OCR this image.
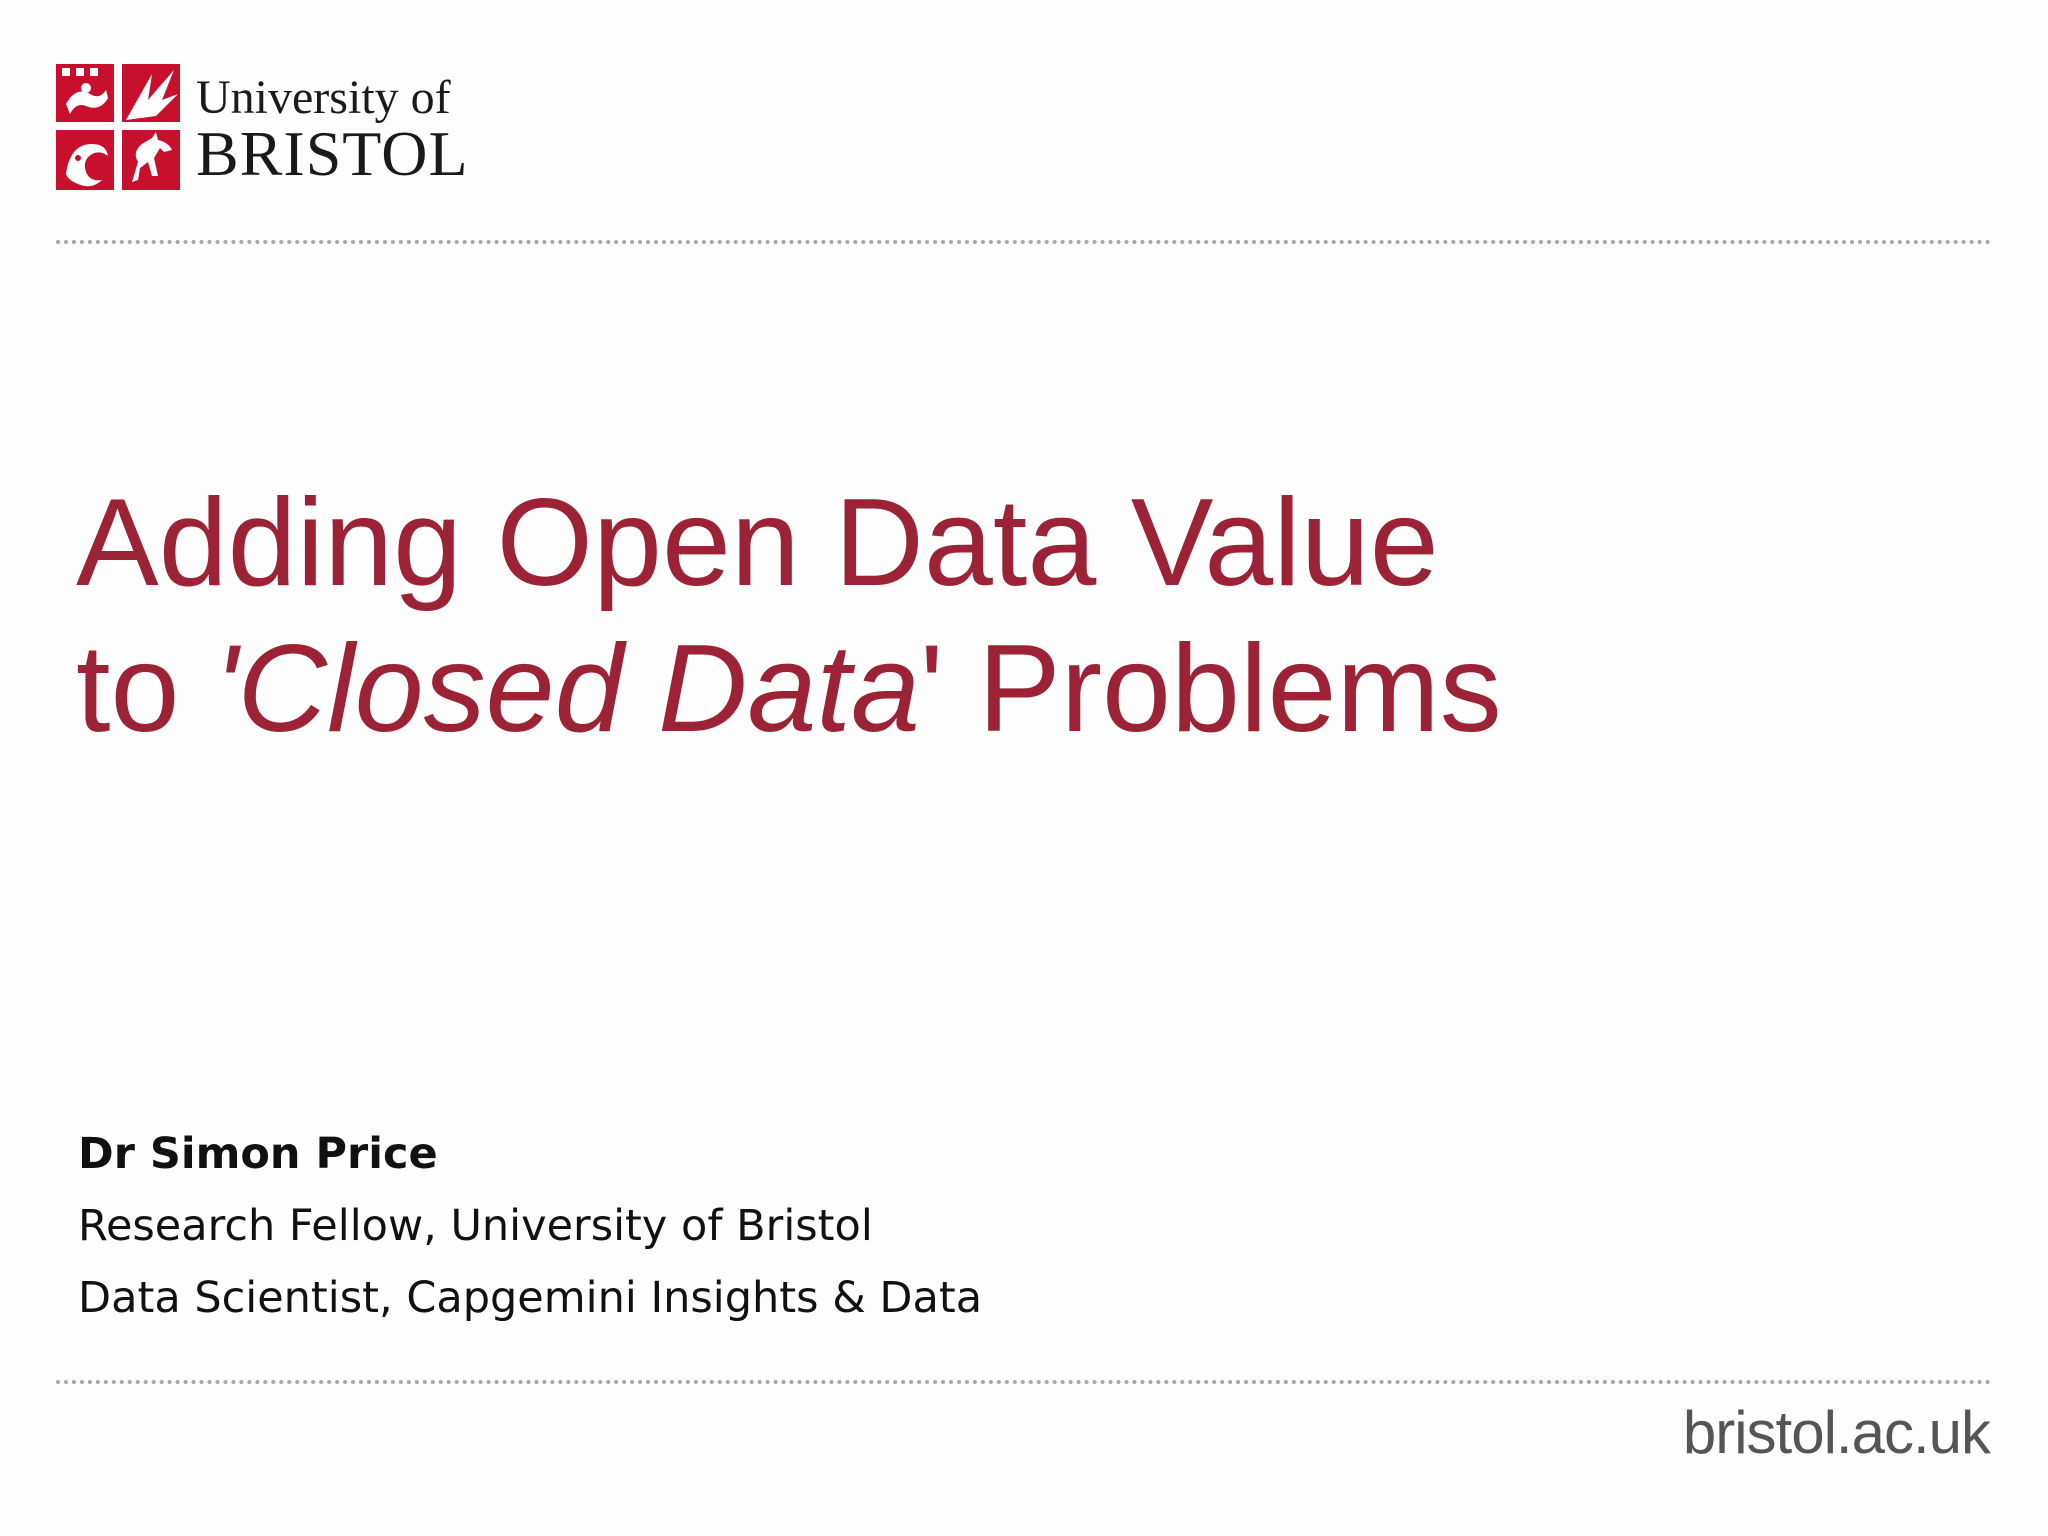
University of
BRISTOL
Adding Open Data Value
to 'Closed Data' Problems
Dr Simon Price
Research Fellow, University of Bristol
Data Scientist, Capgemini Insights & Data
bristol.ac.uk
